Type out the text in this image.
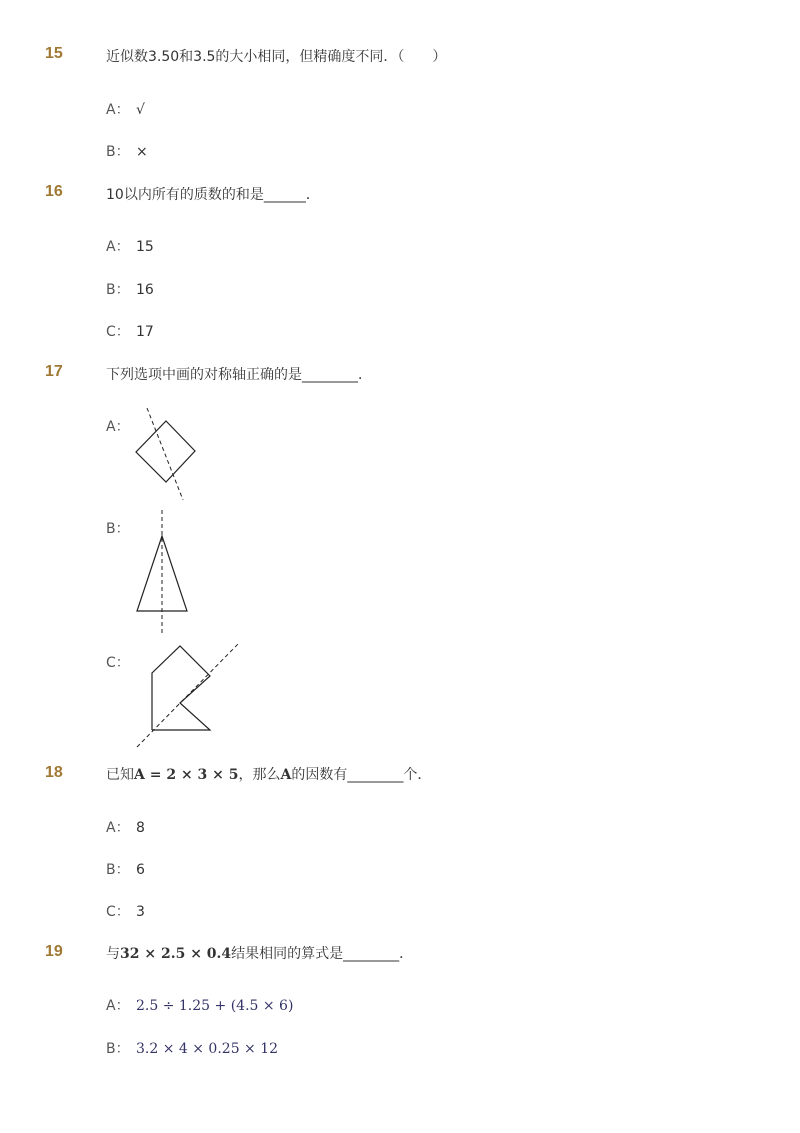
15	近似数3.50和3.5的大小相同，但精确度不同．（　　）
A： √
B： ×
16	10以内所有的质数的和是______．
A： 15
B： 16
C： 17
17	下列选项中画的对称轴正确的是________．
A：
B：
C：
18	已知A = 2 × 3 × 5，那么A的因数有________个．
A： 8
B： 6
C： 3
19	与32 × 2.5 × 0.4结果相同的算式是________．
A： 2.5 ÷ 1.25 + (4.5 × 6)
B： 3.2 × 4 × 0.25 × 12
